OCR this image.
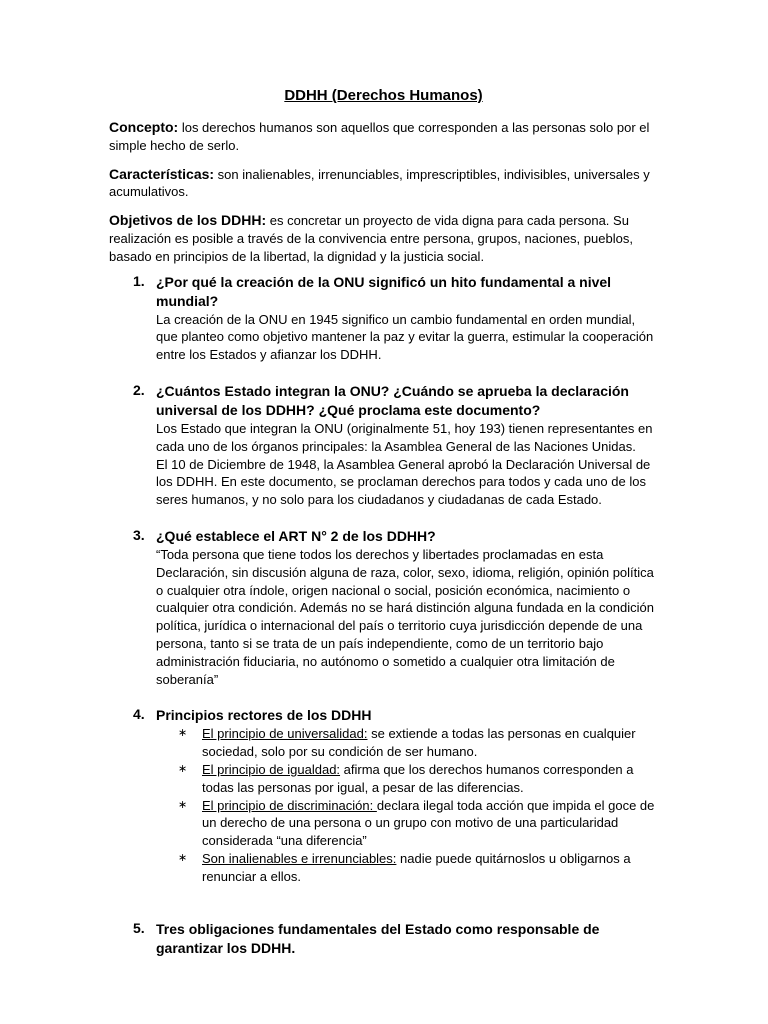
DDHH (Derechos Humanos)
Concepto: los derechos humanos son aquellos que corresponden a las personas solo por el simple hecho de serlo.
Características: son inalienables, irrenunciables, imprescriptibles, indivisibles, universales y acumulativos.
Objetivos de los DDHH: es concretar un proyecto de vida digna para cada persona. Su realización es posible a través de la convivencia entre persona, grupos, naciones, pueblos, basado en principios de la libertad, la dignidad y la justicia social.
1. ¿Por qué la creación de la ONU significó un hito fundamental a nivel mundial?
La creación de la ONU en 1945 significo un cambio fundamental en orden mundial, que planteo como objetivo mantener la paz y evitar la guerra, estimular la cooperación entre los Estados y afianzar los DDHH.
2. ¿Cuántos Estado integran la ONU? ¿Cuándo se aprueba la declaración universal de los DDHH? ¿Qué proclama este documento?
Los Estado que integran la ONU (originalmente 51, hoy 193) tienen representantes en cada uno de los órganos principales: la Asamblea General de las Naciones Unidas.
El 10 de Diciembre de 1948, la Asamblea General aprobó la Declaración Universal de los DDHH. En este documento, se proclaman derechos para todos y cada uno de los seres humanos, y no solo para los ciudadanos y ciudadanas de cada Estado.
3. ¿Qué establece el ART N° 2 de los DDHH?
“Toda persona que tiene todos los derechos y libertades proclamadas en esta Declaración, sin discusión alguna de raza, color, sexo, idioma, religión, opinión política o cualquier otra índole, origen nacional o social, posición económica, nacimiento o cualquier otra condición. Además no se hará distinción alguna fundada en la condición política, jurídica o internacional del país o territorio cuya jurisdicción depende de una persona, tanto si se trata de un país independiente, como de un territorio bajo administración fiduciaria, no autónomo o sometido a cualquier otra limitación de soberanía”
4. Principios rectores de los DDHH
∗ El principio de universalidad: se extiende a todas las personas en cualquier sociedad, solo por su condición de ser humano.
∗ El principio de igualdad: afirma que los derechos humanos corresponden a todas las personas por igual, a pesar de las diferencias.
∗ El principio de discriminación: declara ilegal toda acción que impida el goce de un derecho de una persona o un grupo con motivo de una particularidad considerada “una diferencia”
∗ Son inalienables e irrenunciables: nadie puede quitárnoslos u obligarnos a renunciar a ellos.
5. Tres obligaciones fundamentales del Estado como responsable de garantizar los DDHH.
